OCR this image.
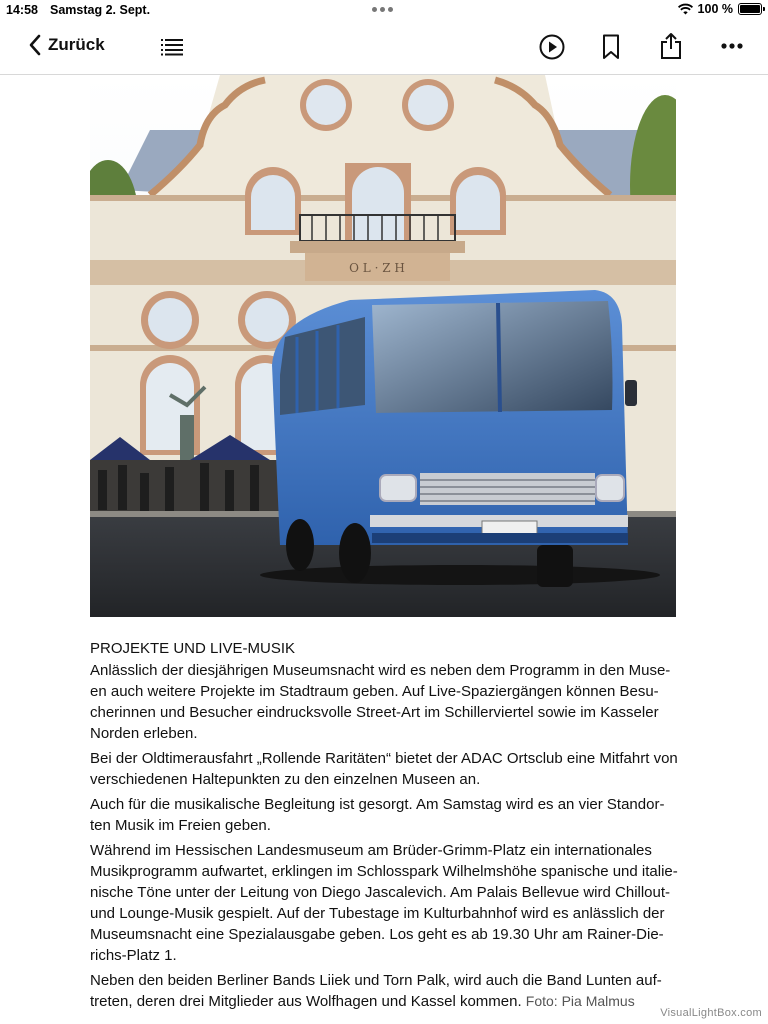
14:58 Samstag 2. Sept.	100 %
Zurück
O L · Z H
PROJEKTE UND LIVE-MUSIK

Anlässlich der diesjährigen Museumsnacht wird es neben dem Programm in den Muse-en auch weitere Projekte im Stadtraum geben. Auf Live-Spaziergängen können Besu-cherinnen und Besucher eindrucksvolle Street-Art im Schillerviertel sowie im Kasseler Norden erleben.

Bei der Oldtimerausfahrt „Rollende Raritäten“ bietet der ADAC Ortsclub eine Mitfahrt von verschiedenen Haltepunkten zu den einzelnen Museen an.

Auch für die musikalische Begleitung ist gesorgt. Am Samstag wird es an vier Standor-ten Musik im Freien geben.

Während im Hessischen Landesmuseum am Brüder-Grimm-Platz ein internationales Musikprogramm aufwartet, erklingen im Schlosspark Wilhelmshöhe spanische und italie-nische Töne unter der Leitung von Diego Jascalevich. Am Palais Bellevue wird Chillout- und Lounge-Musik gespielt. Auf der Tubestage im Kulturbahnhof wird es anlässlich der Museumsnacht eine Spezialausgabe geben. Los geht es ab 19.30 Uhr am Rainer-Die-richs-Platz 1.

Neben den beiden Berliner Bands Liiek und Torn Palk, wird auch die Band Lunten auf-treten, deren drei Mitglieder aus Wolfhagen und Kassel kommen. Foto: Pia Malmus

VisualLightBox.com
